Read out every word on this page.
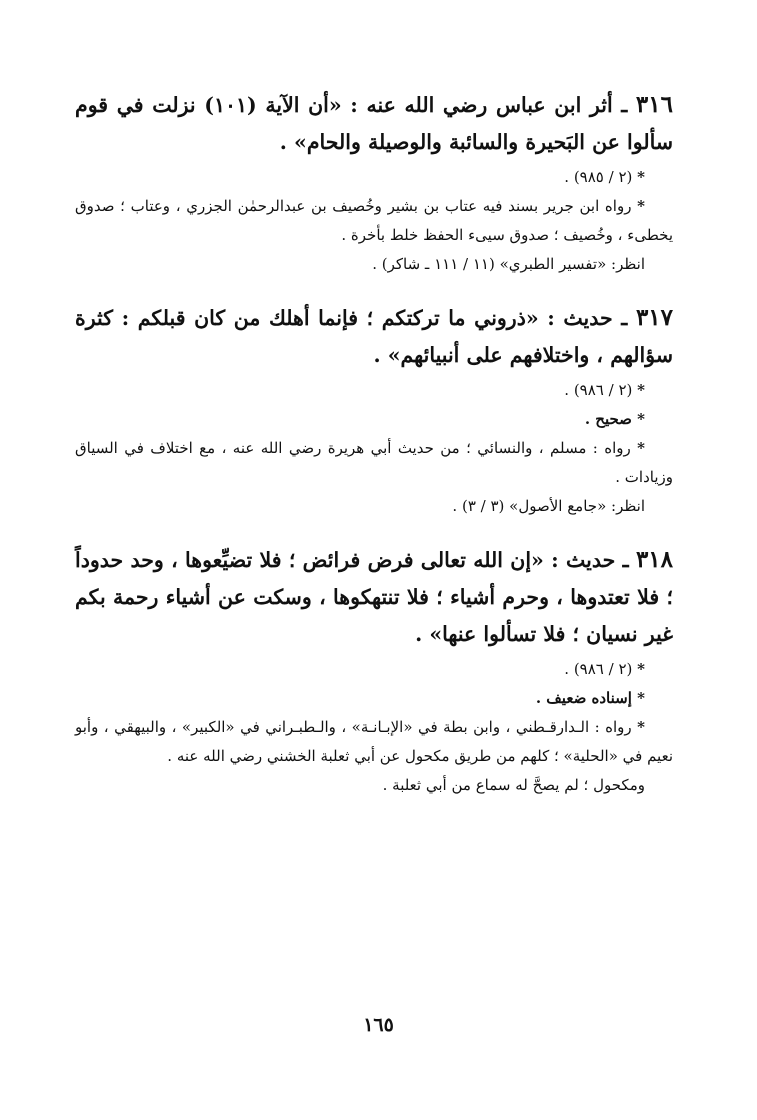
٣١٦ ـ أثر ابن عباس رضي الله عنه : «أن الآية (١٠١) نزلت في قوم سألوا عن البَحيرة والسائبة والوصيلة والحام» .

* (٢ / ٩٨٥) .

* رواه ابن جرير بسند فيه عتاب بن بشير وخُصيف بن عبدالرحمٰن الجزري ، وعتاب ؛ صدوق يخطىء ، وخُصيف ؛ صدوق سيىء الحفظ خلط بأخرة .

انظر: «تفسير الطبري» (١١ / ١١١ ـ شاكر) .

٣١٧ ـ حديث : «ذروني ما تركتكم ؛ فإنما أهلك من كان قبلكم : كثرة سؤالهم ، واختلافهم على أنبيائهم» .

* (٢ / ٩٨٦) .

* صحيح .

* رواه : مسلم ، والنسائي ؛ من حديث أبي هريرة رضي الله عنه ، مع اختلاف في السياق وزيادات .

انظر: «جامع الأصول» (٣ / ٣) .

٣١٨ ـ حديث : «إن الله تعالى فرض فرائض ؛ فلا تضيِّعوها ، وحد حدوداً ؛ فلا تعتدوها ، وحرم أشياء ؛ فلا تنتهكوها ، وسكت عن أشياء رحمة بكم غير نسيان ؛ فلا تسألوا عنها» .

* (٢ / ٩٨٦) .

* إسناده ضعيف .

* رواه : الـدارقـطني ، وابن بطة في «الإبـانـة» ، والـطبـراني في «الكبير» ، والبيهقي ، وأبو نعيم في «الحلية» ؛ كلهم من طريق مكحول عن أبي ثعلبة الخشني رضي الله عنه .

ومكحول ؛ لم يصحَّ له سماع من أبي ثعلبة .

١٦٥
